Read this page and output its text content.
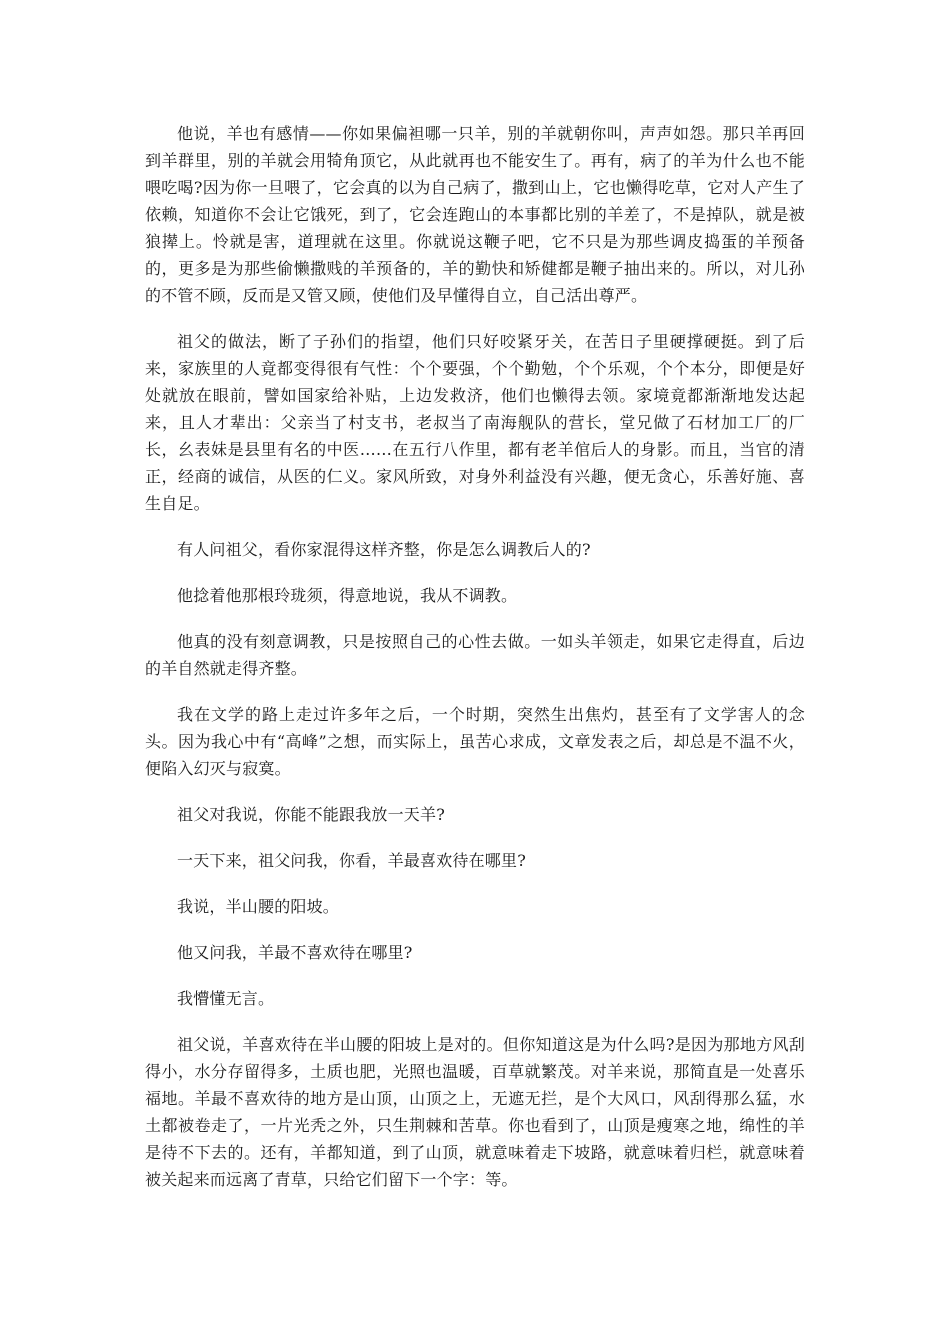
他说，羊也有感情——你如果偏袒哪一只羊，别的羊就朝你叫，声声如怨。那只羊再回到羊群里，别的羊就会用犄角顶它，从此就再也不能安生了。再有，病了的羊为什么也不能喂吃喝?因为你一旦喂了，它会真的以为自己病了，撒到山上，它也懒得吃草，它对人产生了依赖，知道你不会让它饿死，到了，它会连跑山的本事都比别的羊差了，不是掉队，就是被狼撵上。怜就是害，道理就在这里。你就说这鞭子吧，它不只是为那些调皮捣蛋的羊预备的，更多是为那些偷懒撒贱的羊预备的，羊的勤快和矫健都是鞭子抽出来的。所以，对儿孙的不管不顾，反而是又管又顾，使他们及早懂得自立，自己活出尊严。

祖父的做法，断了子孙们的指望，他们只好咬紧牙关，在苦日子里硬撑硬挺。到了后来，家族里的人竟都变得很有气性：个个要强，个个勤勉，个个乐观，个个本分，即便是好处就放在眼前，譬如国家给补贴，上边发救济，他们也懒得去领。家境竟都渐渐地发达起来，且人才辈出：父亲当了村支书，老叔当了南海舰队的营长，堂兄做了石材加工厂的厂长，幺表妹是县里有名的中医……在五行八作里，都有老羊倌后人的身影。而且，当官的清正，经商的诚信，从医的仁义。家风所致，对身外利益没有兴趣，便无贪心，乐善好施、喜生自足。

有人问祖父，看你家混得这样齐整，你是怎么调教后人的?

他捻着他那根玲珑须，得意地说，我从不调教。

他真的没有刻意调教，只是按照自己的心性去做。一如头羊领走，如果它走得直，后边的羊自然就走得齐整。

我在文学的路上走过许多年之后，一个时期，突然生出焦灼，甚至有了文学害人的念头。因为我心中有“高峰”之想，而实际上，虽苦心求成，文章发表之后，却总是不温不火，便陷入幻灭与寂寞。

祖父对我说，你能不能跟我放一天羊?

一天下来，祖父问我，你看，羊最喜欢待在哪里?

我说，半山腰的阳坡。

他又问我，羊最不喜欢待在哪里?

我懵懂无言。

祖父说，羊喜欢待在半山腰的阳坡上是对的。但你知道这是为什么吗?是因为那地方风刮得小，水分存留得多，土质也肥，光照也温暖，百草就繁茂。对羊来说，那简直是一处喜乐福地。羊最不喜欢待的地方是山顶，山顶之上，无遮无拦，是个大风口，风刮得那么猛，水土都被卷走了，一片光秃之外，只生荆棘和苦草。你也看到了，山顶是瘦寒之地，绵性的羊是待不下去的。还有，羊都知道，到了山顶，就意味着走下坡路，就意味着归栏，就意味着被关起来而远离了青草，只给它们留下一个字：等。
